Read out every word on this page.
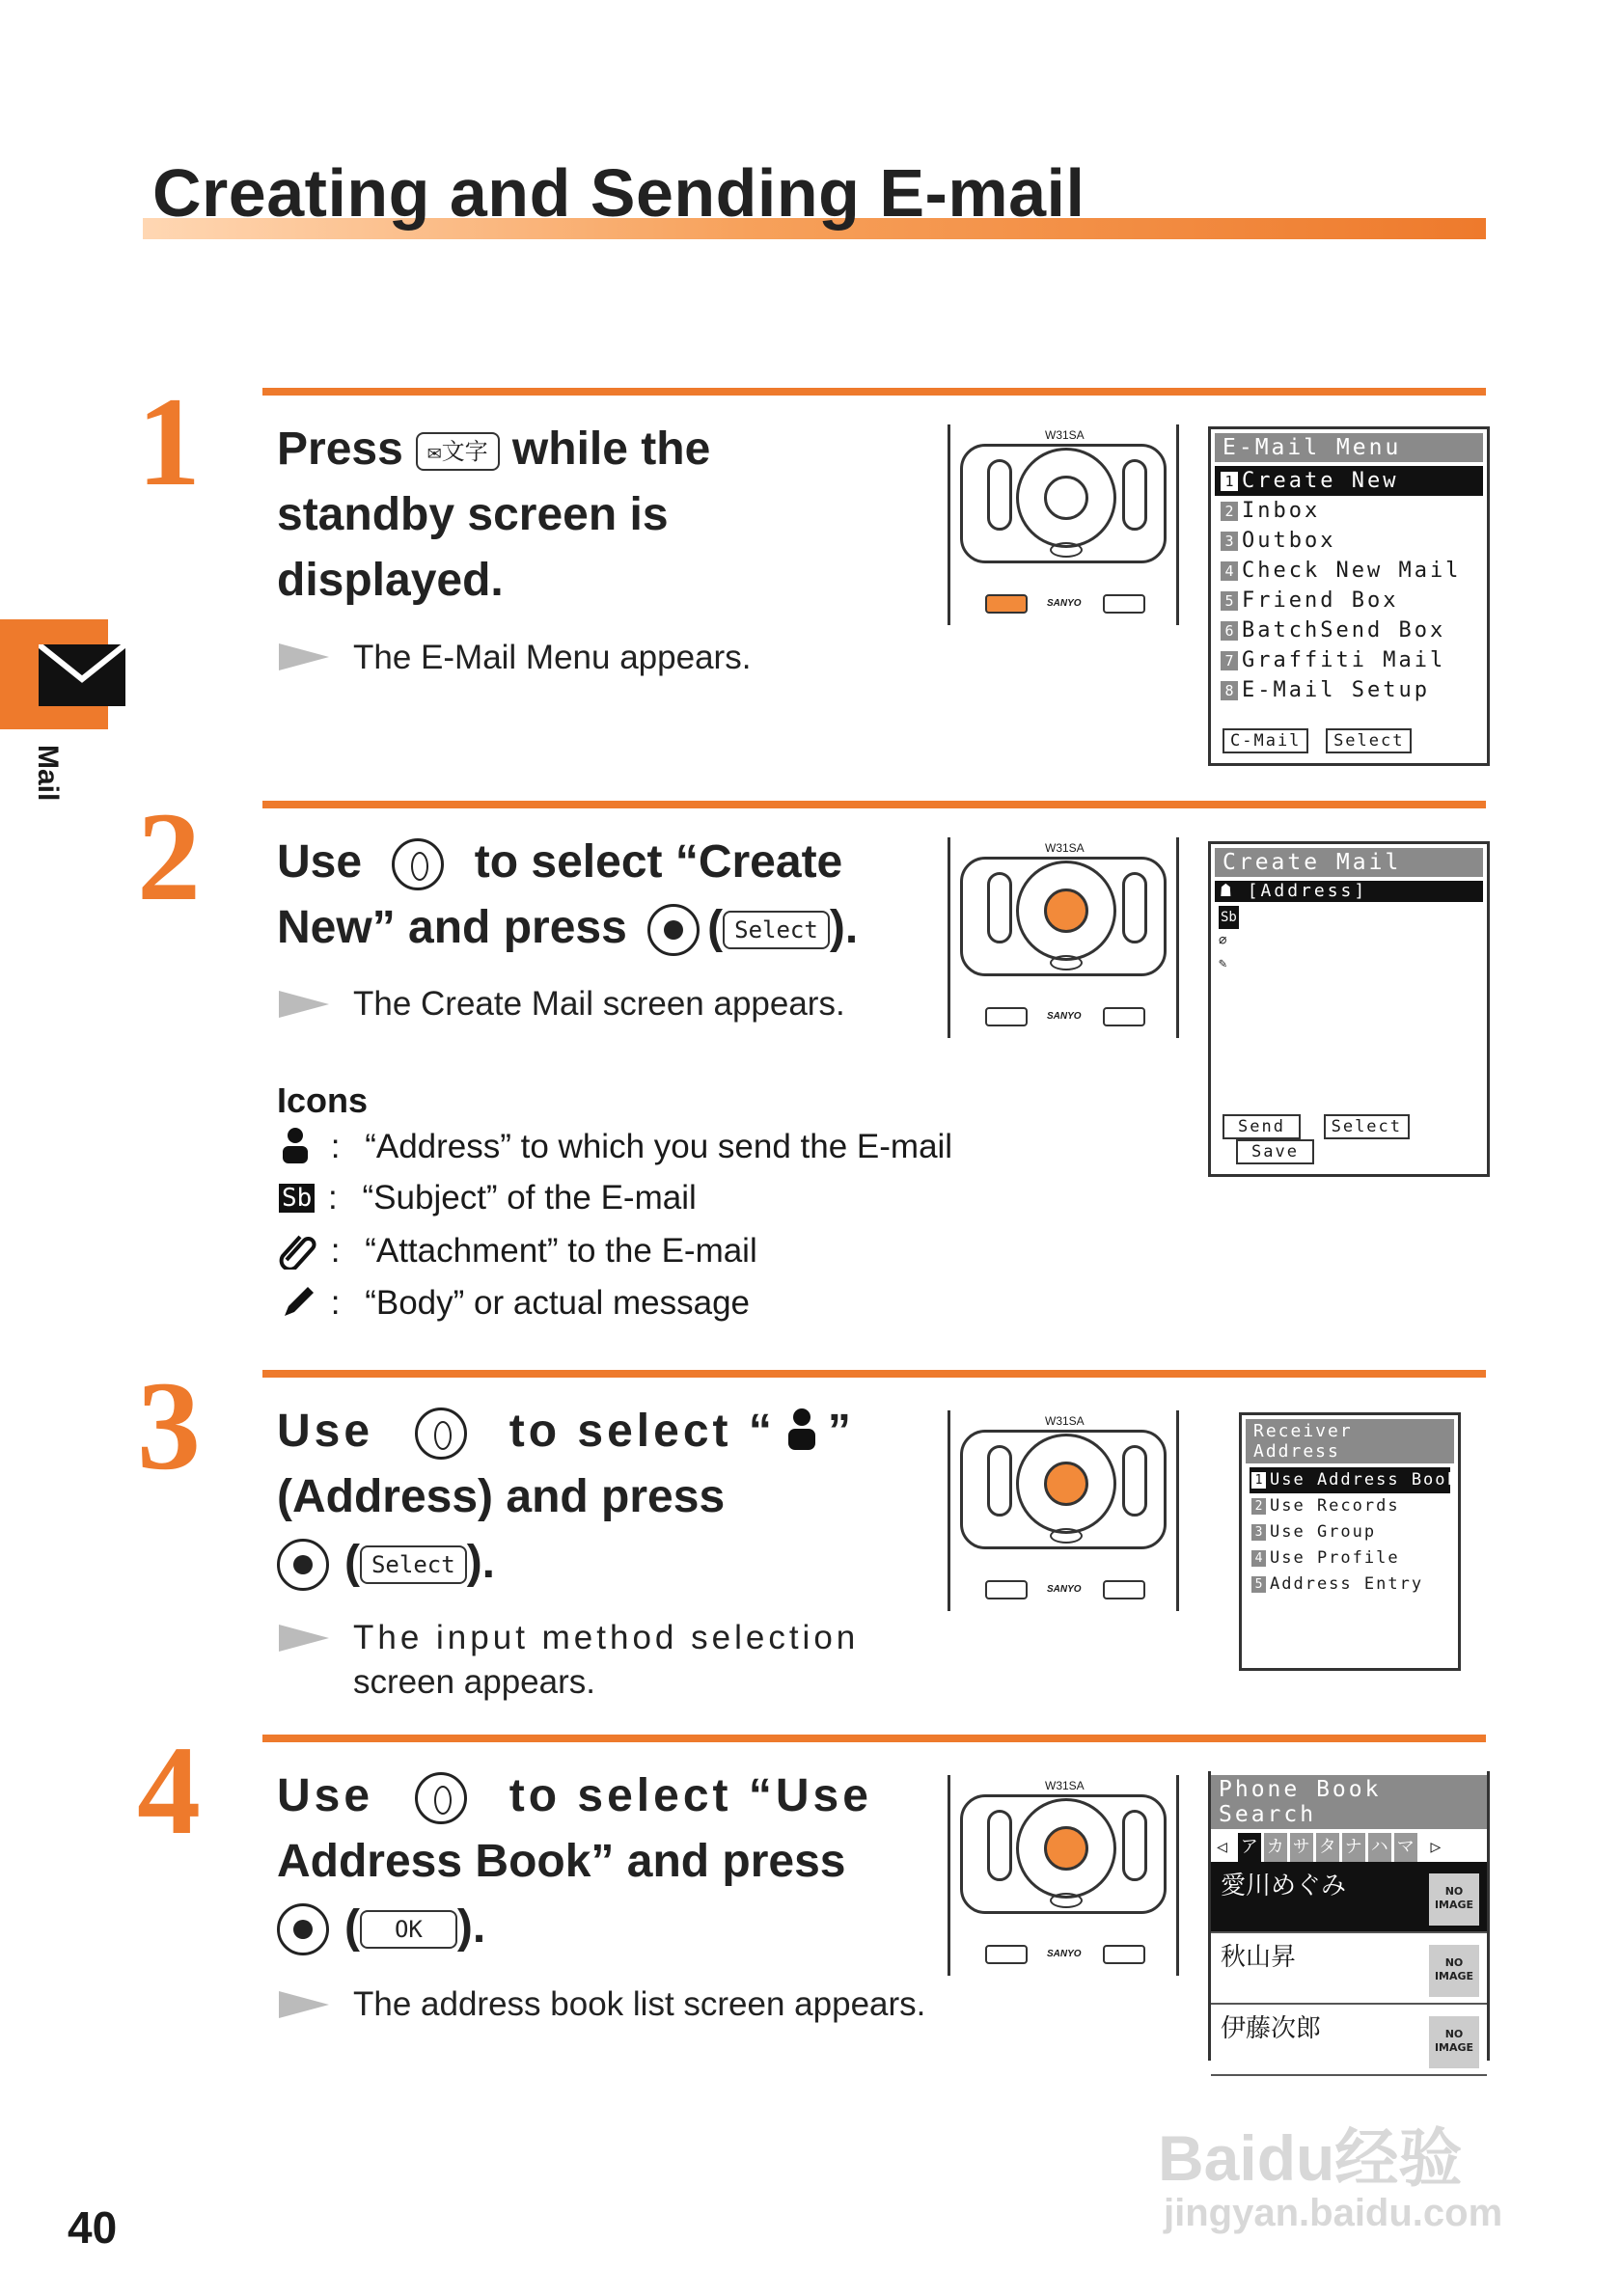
Creating and Sending E-mail
Mail
1 Press ✉文字 while the
standby screen is
displayed.
The E-Mail Menu appears.
2 Use to select “Create
New” and press ( Select ).
The Create Mail screen appears.
Icons
: “Address” to which you send the E-mail
Sb : “Subject” of the E-mail
: “Attachment” to the E-mail
: “Body” or actual message
3 Use	to select “ ”
(Address) and press
( Select ).
The input method selection
screen appears.
4 Use	to select “Use
Address Book” and press
( OK ).
The address book list screen appears.
W31SA
SANYO
W31SA
SANYO
W31SA
SANYO
W31SA
SANYO
E-Mail Menu
1 Create New
2 Inbox
3 Outbox
4 Check New Mail
5 Friend Box
6 BatchSend Box
7 Graffiti Mail
8 E-Mail Setup
C-Mail Select
Create Mail
☗ [Address]
Sb
⌀
✎
Send	Select Save
Receiver Address
1 Use Address Book
2 Use Records
3 Use Group
4 Use Profile
5 Address Entry
Phone Book Search
◁ ア カ サ タ ナ ハ マ ▷
愛川めぐみ	NO IMAGE
秋山昇	NO IMAGE
伊藤次郎	NO IMAGE
40
Baidu经验
jingyan.baidu.com
